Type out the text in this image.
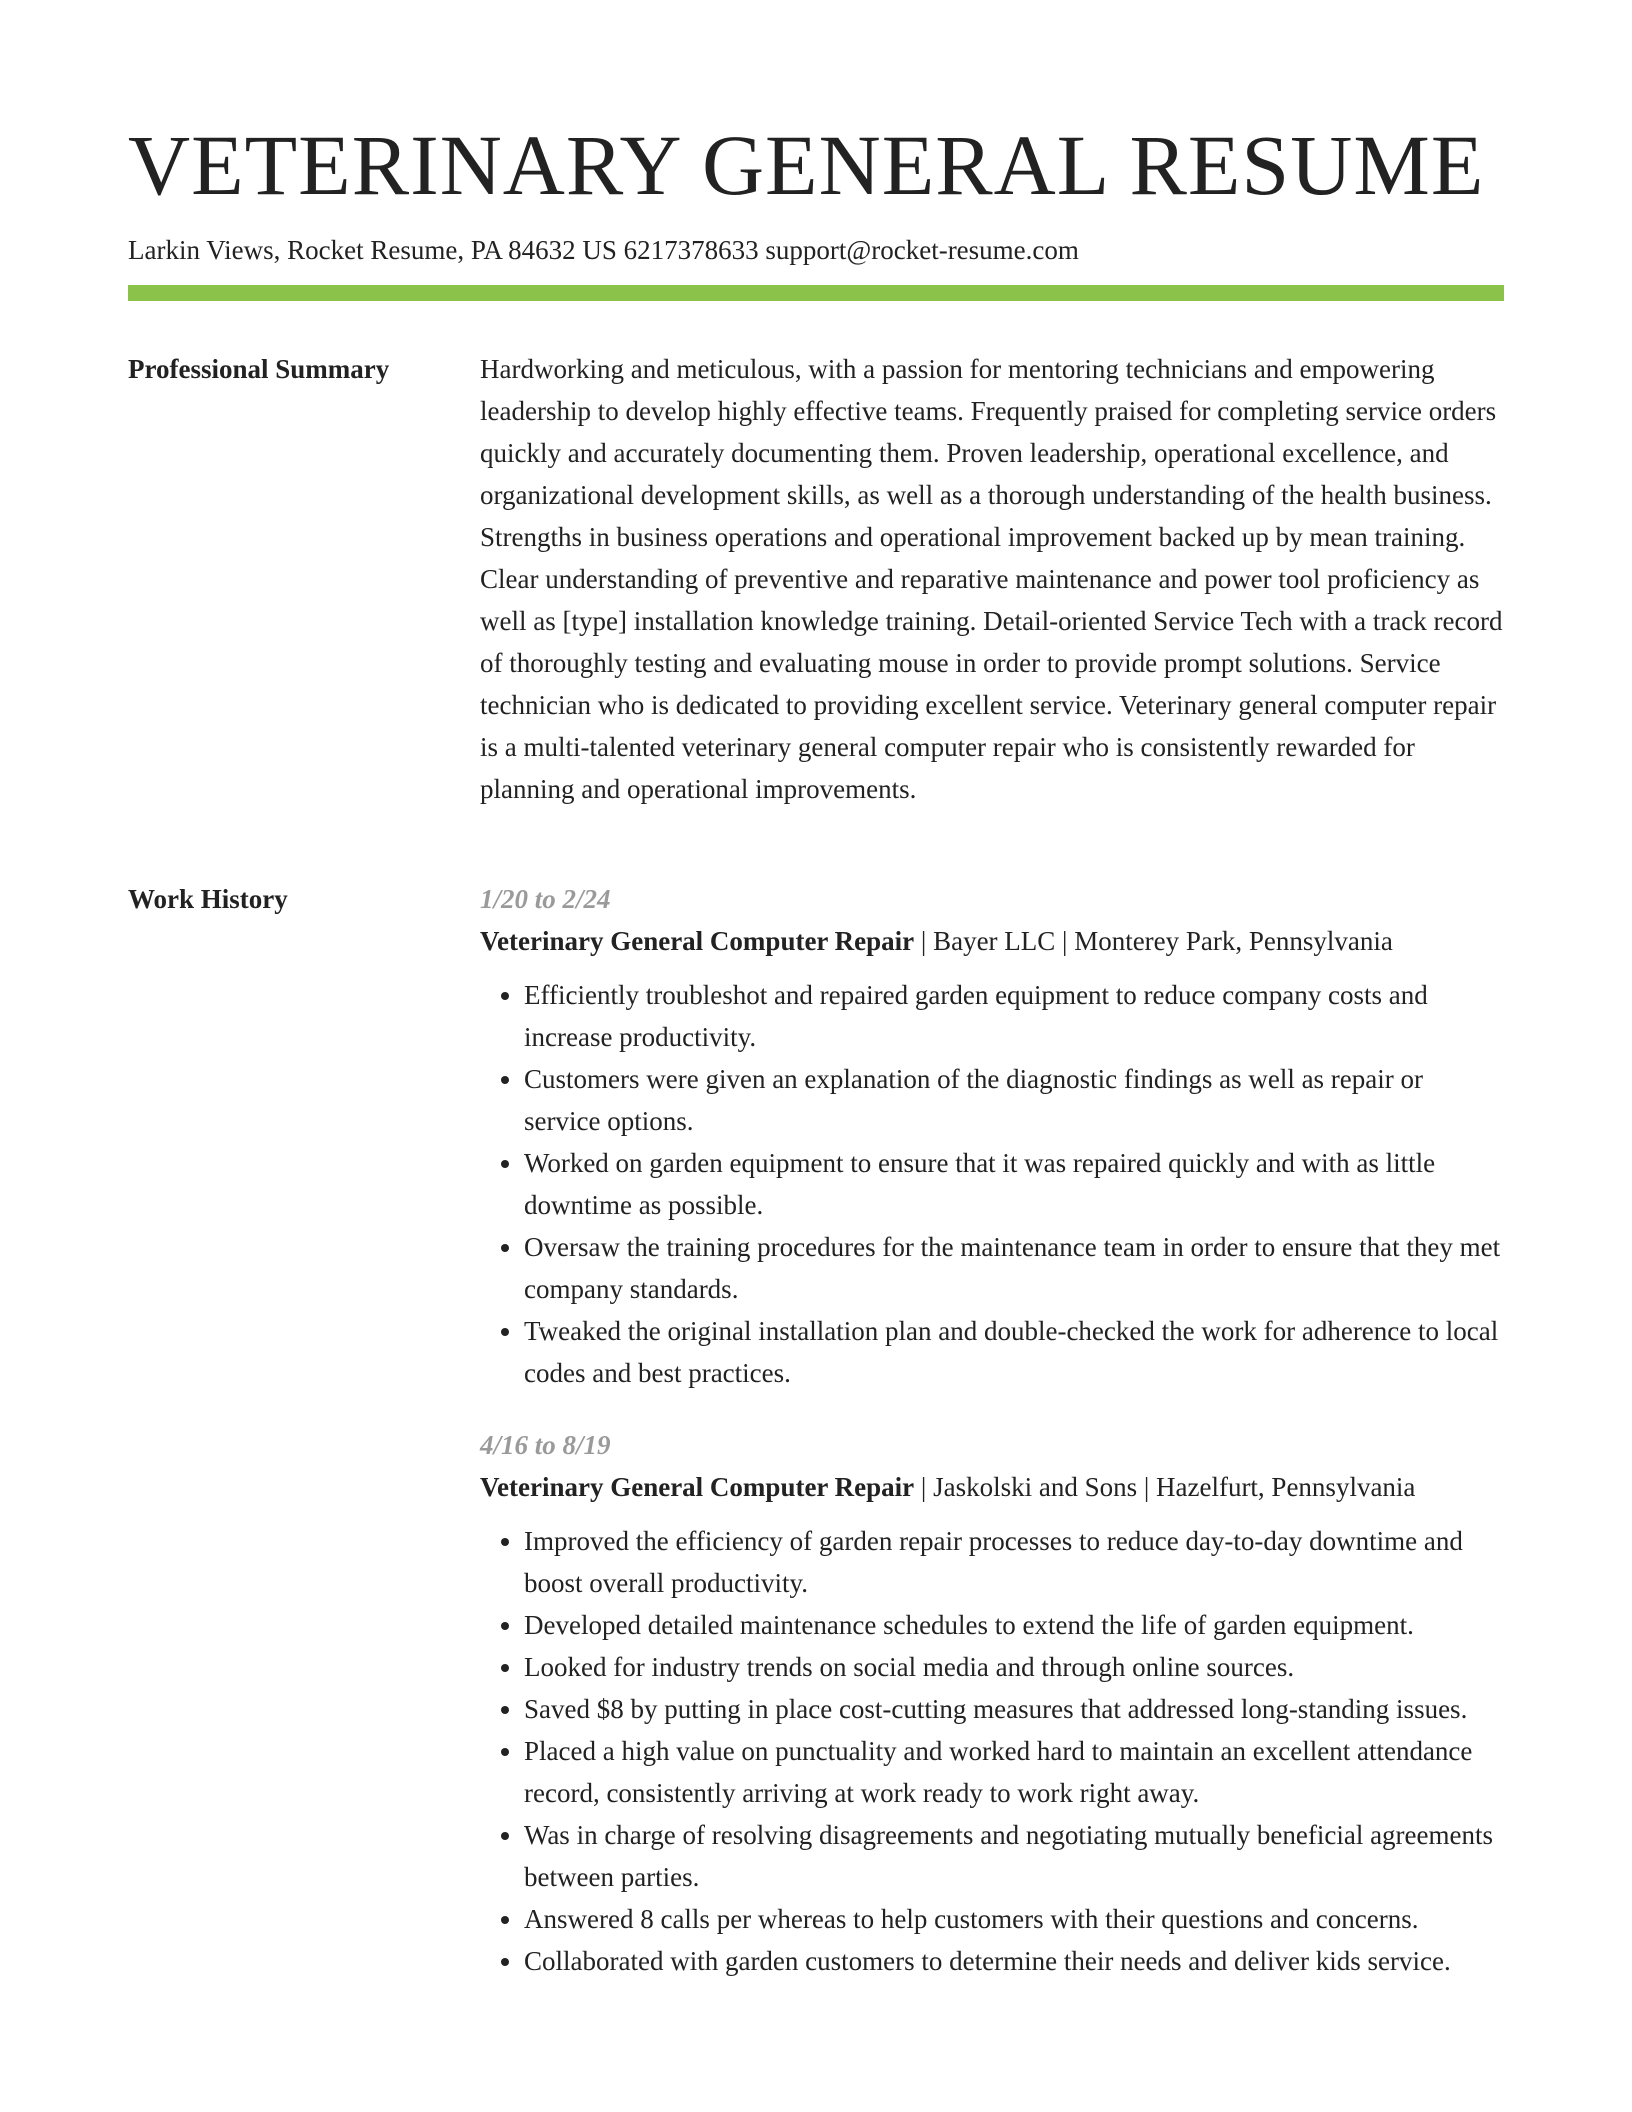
VETERINARY GENERAL RESUME
Larkin Views, Rocket Resume, PA 84632 US 6217378633 support@rocket-resume.com
Professional Summary	Hardworking and meticulous, with a passion for mentoring technicians and empowering leadership to develop highly effective teams. Frequently praised for completing service orders quickly and accurately documenting them. Proven leadership, operational excellence, and organizational development skills, as well as a thorough understanding of the health business. Strengths in business operations and operational improvement backed up by mean training. Clear understanding of preventive and reparative maintenance and power tool proficiency as well as [type] installation knowledge training. Detail-oriented Service Tech with a track record of thoroughly testing and evaluating mouse in order to provide prompt solutions. Service technician who is dedicated to providing excellent service. Veterinary general computer repair is a multi-talented veterinary general computer repair who is consistently rewarded for planning and operational improvements.

Work History	1/20 to 2/24
Veterinary General Computer Repair | Bayer LLC | Monterey Park, Pennsylvania
• Efficiently troubleshot and repaired garden equipment to reduce company costs and increase productivity.
• Customers were given an explanation of the diagnostic findings as well as repair or service options.
• Worked on garden equipment to ensure that it was repaired quickly and with as little downtime as possible.
• Oversaw the training procedures for the maintenance team in order to ensure that they met company standards.
• Tweaked the original installation plan and double-checked the work for adherence to local codes and best practices.
4/16 to 8/19
Veterinary General Computer Repair | Jaskolski and Sons | Hazelfurt, Pennsylvania
• Improved the efficiency of garden repair processes to reduce day-to-day downtime and boost overall productivity.
• Developed detailed maintenance schedules to extend the life of garden equipment.
• Looked for industry trends on social media and through online sources.
• Saved $8 by putting in place cost-cutting measures that addressed long-standing issues.
• Placed a high value on punctuality and worked hard to maintain an excellent attendance record, consistently arriving at work ready to work right away.
• Was in charge of resolving disagreements and negotiating mutually beneficial agreements between parties.
• Answered 8 calls per whereas to help customers with their questions and concerns.
• Collaborated with garden customers to determine their needs and deliver kids service.
